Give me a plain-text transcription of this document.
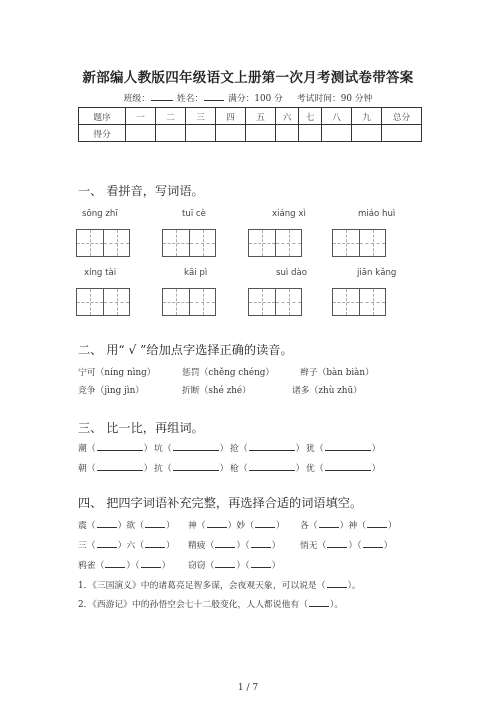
新部编人教版四年级语文上册第一次月考测试卷带答案
班级：	姓名：	满分：100 分 考试时间：90 分钟
题序	一	二	三	四	五	六	七	八	九	总分
得分										
一、 看拼音，写词语。
sōng zhī	tuī cè	xiáng xì	miáo huì
xíng tài	kāi pì	suì dào	jiān kǎng
二、 用“ √ ”给加点字选择正确的读音。
宁可（níng nìng）	惩罚（chěng chéng）	辫子（bàn biàn）
竞争（jìng jìn）	折断（shé zhé）	诸多（zhù zhū）
三、 比一比，再组词。
潮（	） 坑（	） 抢（	） 犹（	）
朝（	） 抗（	） 枪（	） 优（	）
四、 把四字词语补充完整，再选择合适的词语填空。
震（	）欲（	） 神（	）妙（	） 各（	）神（	）
三（	）六（	） 精疲（	）（	） 悄无（	）（	）
鸦雀（	）（	） 窃窃（	）（	）
1．《三国演义》中的诸葛亮足智多谋，会夜观天象，可以说是（	）。
2．《西游记》中的孙悟空会七十二般变化，人人都说他有（	）。
1 / 7
